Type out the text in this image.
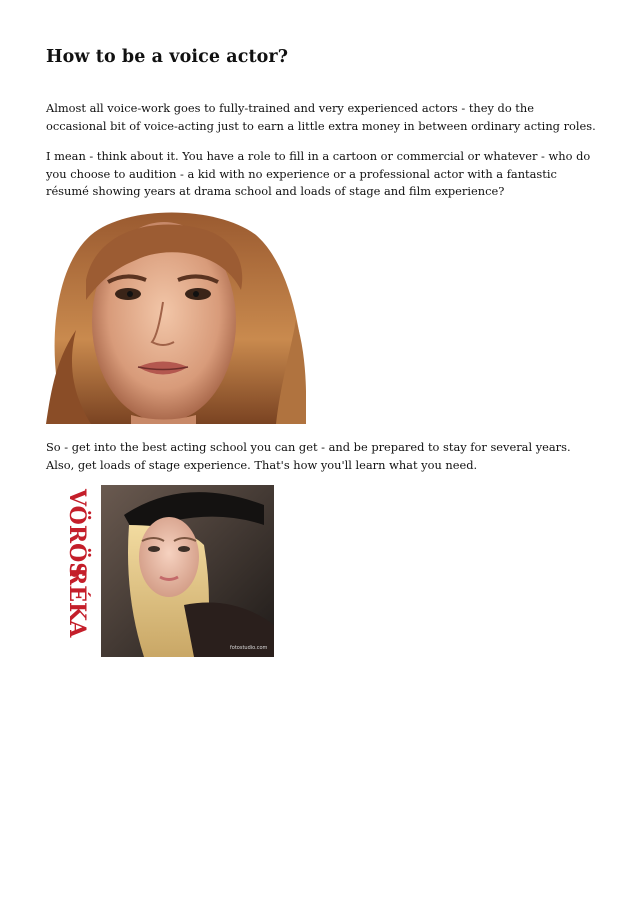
How to be a voice actor?

Almost all voice-work goes to fully-trained and very experienced actors - they do the occasional bit of voice-acting just to earn a little extra money in between ordinary acting roles.

I mean - think about it. You have a role to fill in a cartoon or commercial or whatever - who do you choose to audition - a kid with no experience or a professional actor with a fantastic résumé showing years at drama school and loads of stage and film experience?

So - get into the best acting school you can get - and be prepared to stay for several years. Also, get loads of stage experience. That's how you'll learn what you need.

VÖRÖS
RÉKA
fotostudio.com
